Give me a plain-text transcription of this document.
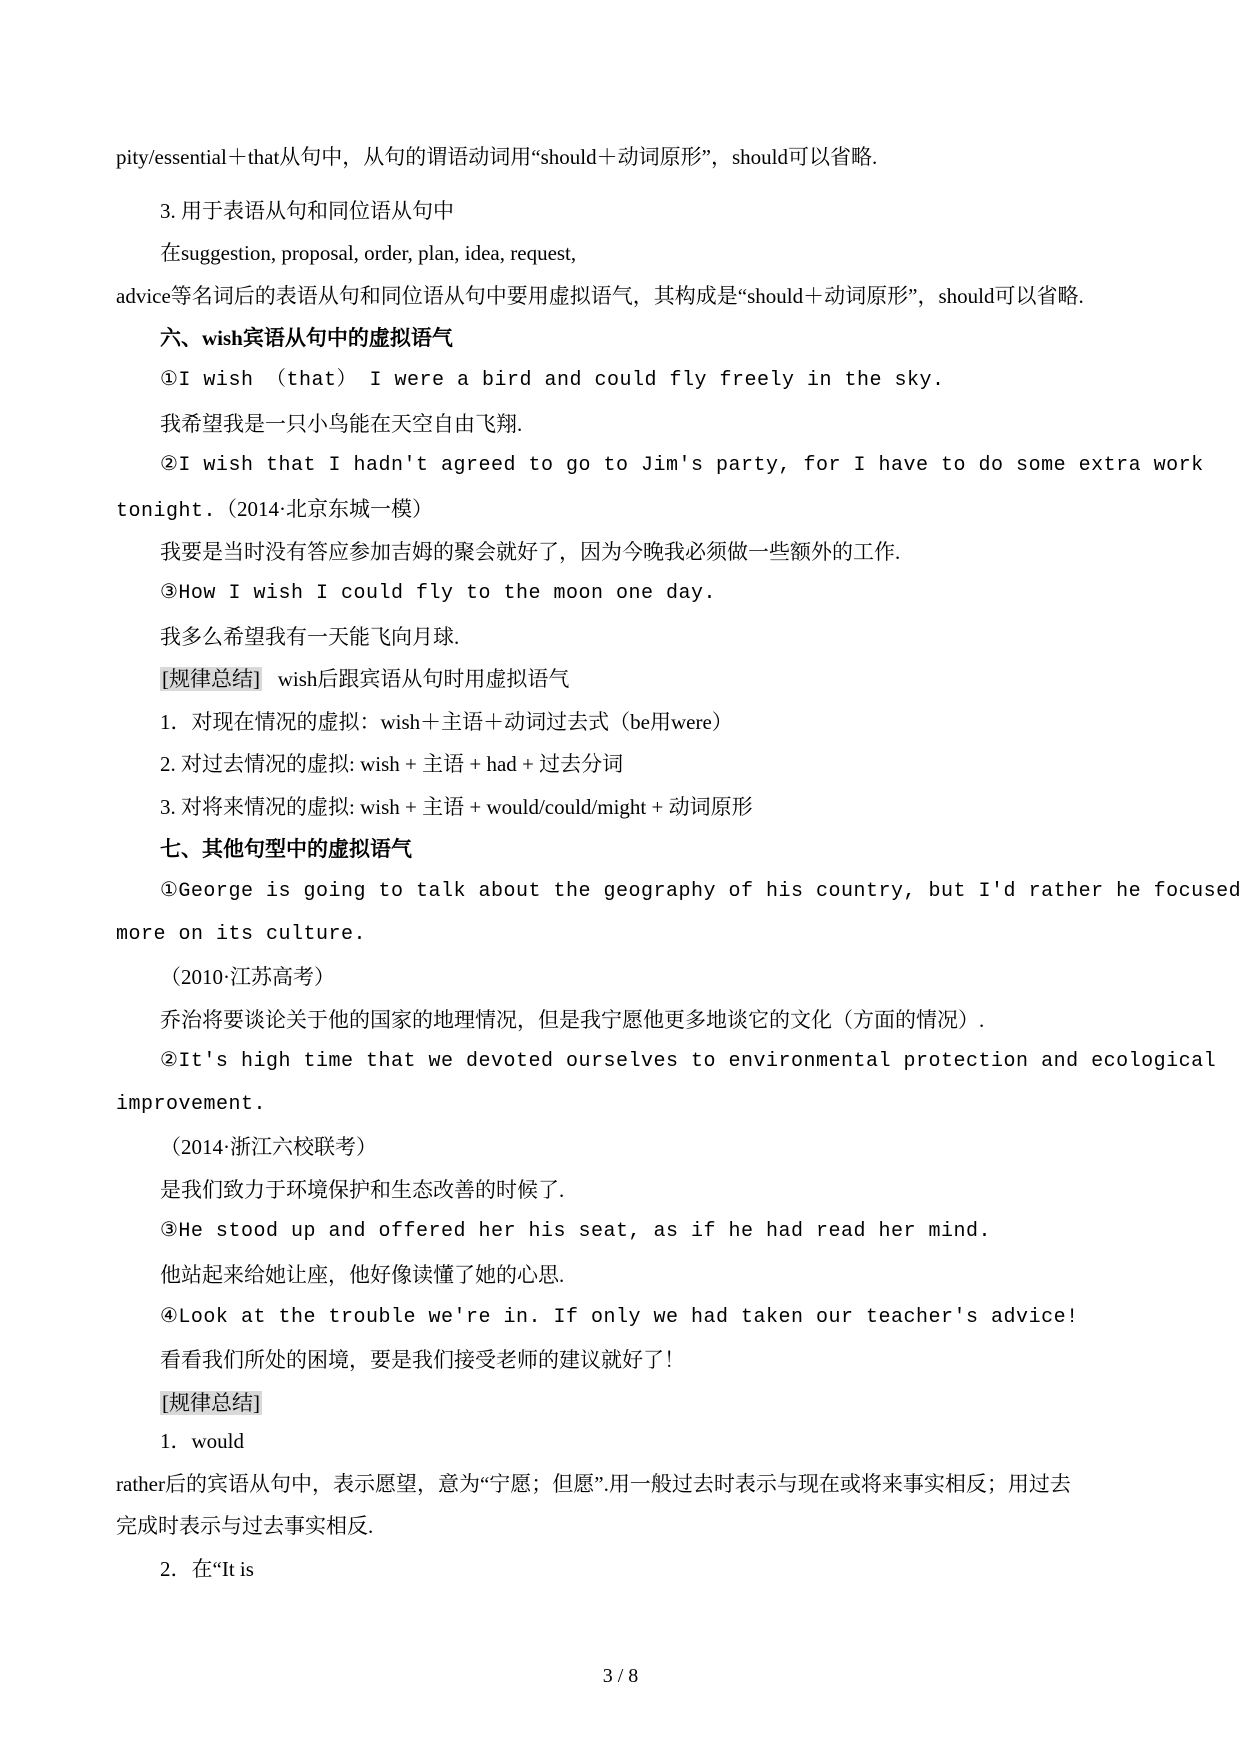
pity/essential＋that从句中，从句的谓语动词用“should＋动词原形”，should可以省略.
3. 用于表语从句和同位语从句中
在suggestion, proposal, order, plan, idea, request,
advice等名词后的表语从句和同位语从句中要用虚拟语气，其构成是“should＋动词原形”，should可以省略.
六、wish宾语从句中的虚拟语气
①I wish （that） I were a bird and could fly freely in the sky.
我希望我是一只小鸟能在天空自由飞翔.
②I wish that I hadn't agreed to go to Jim's party, for I have to do some extra work
tonight.（2014·北京东城一模）
我要是当时没有答应参加吉姆的聚会就好了，因为今晚我必须做一些额外的工作.
③How I wish I could fly to the moon one day.
我多么希望我有一天能飞向月球.
[规律总结] wish后跟宾语从句时用虚拟语气
1．对现在情况的虚拟：wish＋主语＋动词过去式（be用were）
2. 对过去情况的虚拟: wish + 主语 + had + 过去分词
3. 对将来情况的虚拟: wish + 主语 + would/could/might + 动词原形
七、其他句型中的虚拟语气
①George is going to talk about the geography of his country, but I'd rather he focused
more on its culture.
（2010·江苏高考）
乔治将要谈论关于他的国家的地理情况，但是我宁愿他更多地谈它的文化（方面的情况）.
②It's high time that we devoted ourselves to environmental protection and ecological
improvement.
（2014·浙江六校联考）
是我们致力于环境保护和生态改善的时候了.
③He stood up and offered her his seat, as if he had read her mind.
他站起来给她让座，他好像读懂了她的心思.
④Look at the trouble we're in. If only we had taken our teacher's advice!
看看我们所处的困境，要是我们接受老师的建议就好了！
[规律总结]
1．would
rather后的宾语从句中，表示愿望，意为“宁愿；但愿”.用一般过去时表示与现在或将来事实相反；用过去
完成时表示与过去事实相反.
2．在“It is
3 / 8
